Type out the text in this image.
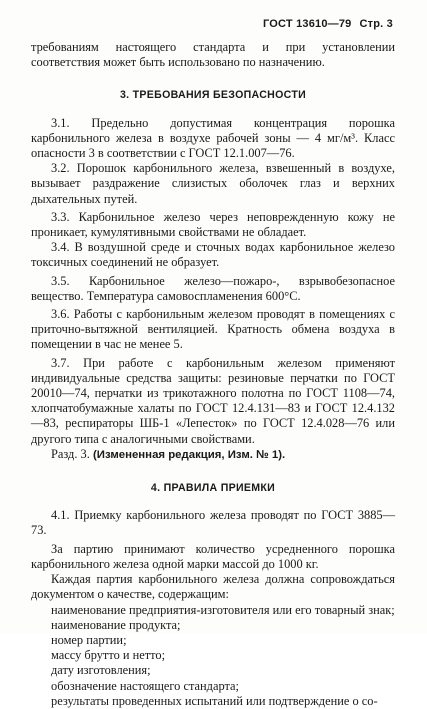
ГОСТ 13610—79 Стр. 3

требованиям настоящего стандарта и при установлении соответствия может быть использовано по назначению.

3. ТРЕБОВАНИЯ БЕЗОПАСНОСТИ

3.1. Предельно допустимая концентрация порошка карбонильного железа в воздухе рабочей зоны — 4 мг/м³. Класс опасности 3 в соответствии с ГОСТ 12.1.007—76.

3.2. Порошок карбонильного железа, взвешенный в воздухе, вызывает раздражение слизистых оболочек глаз и верхних дыхательных путей.

3.3. Карбонильное железо через неповрежденную кожу не проникает, кумулятивными свойствами не обладает.

3.4. В воздушной среде и сточных водах карбонильное железо токсичных соединений не образует.

3.5. Карбонильное железо—пожаро-, взрывобезопасное вещество. Температура самовоспламенения 600°С.

3.6. Работы с карбонильным железом проводят в помещениях с приточно-вытяжной вентиляцией. Кратность обмена воздуха в помещении в час не менее 5.

3.7. При работе с карбонильным железом применяют индивидуальные средства защиты: резиновые перчатки по ГОСТ 20010—74, перчатки из трикотажного полотна по ГОСТ 1108—74, хлопчатобумажные халаты по ГОСТ 12.4.131—83 и ГОСТ 12.4.132—83, респираторы ШБ-1 «Лепесток» по ГОСТ 12.4.028—76 или другого типа с аналогичными свойствами.

Разд. 3. (Измененная редакция, Изм. № 1).

4. ПРАВИЛА ПРИЕМКИ

4.1. Приемку карбонильного железа проводят по ГОСТ 3885—73.

За партию принимают количество усредненного порошка карбонильного железа одной марки массой до 1000 кг.

Каждая партия карбонильного железа должна сопровождаться документом о качестве, содержащим:

наименование предприятия-изготовителя или его товарный знак;

наименование продукта;

номер партии;

массу брутто и нетто;

дату изготовления;

обозначение настоящего стандарта;

результаты проведенных испытаний или подтверждение о со-
